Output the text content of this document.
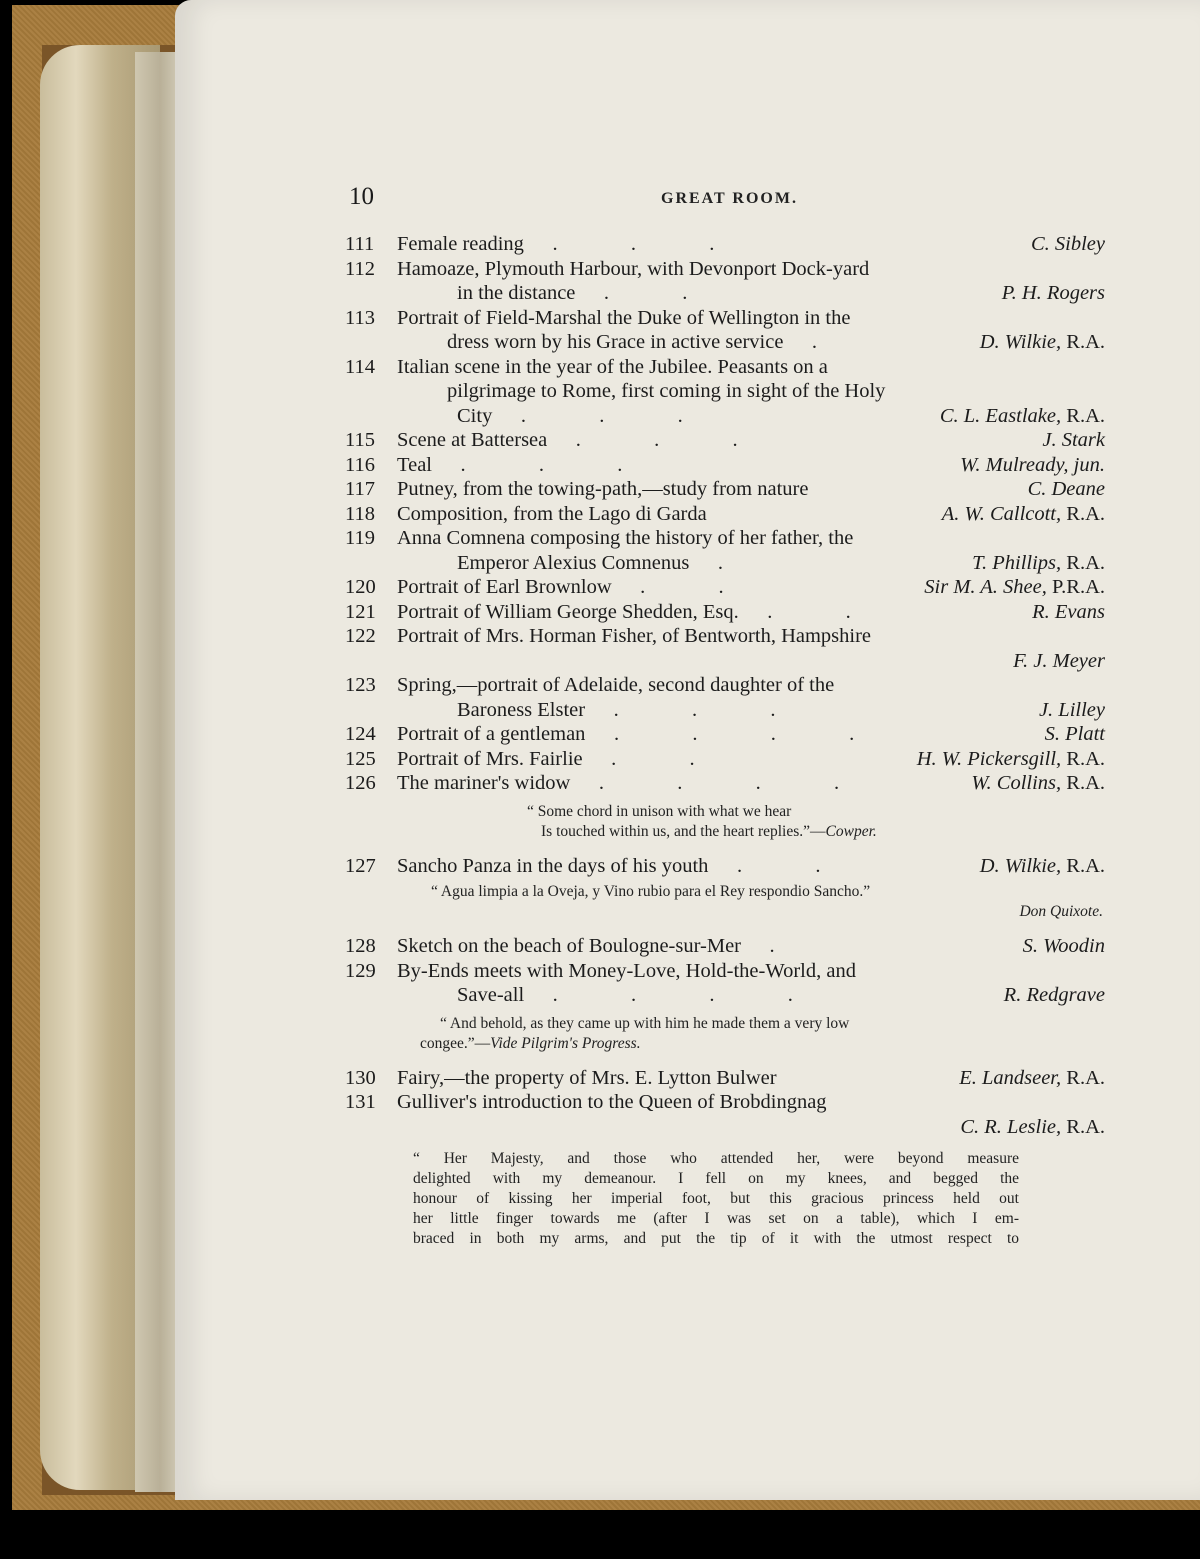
10	GREAT ROOM.
111 Female reading    .          .          .	C. Sibley
112 Hamoaze, Plymouth Harbour, with Devonport Dock-yard
in the distance    .          .	P. H. Rogers
113 Portrait of Field-Marshal the Duke of Wellington in the
dress worn by his Grace in active service    .	D. Wilkie, R.A.
114 Italian scene in the year of the Jubilee. Peasants on a
pilgrimage to Rome, first coming in sight of the Holy
City    .          .          .	C. L. Eastlake, R.A.
115 Scene at Battersea    .          .          .	J. Stark
116 Teal    .          .          .	W. Mulready, jun.
117 Putney, from the towing-path,—study from nature	C. Deane
118 Composition, from the Lago di Garda	A. W. Callcott, R.A.
119 Anna Comnena composing the history of her father, the
Emperor Alexius Comnenus    .	T. Phillips, R.A.
120 Portrait of Earl Brownlow    .          .	Sir M. A. Shee, P.R.A.
121 Portrait of William George Shedden, Esq.    .          .	R. Evans
122 Portrait of Mrs. Horman Fisher, of Bentworth, Hampshire
F. J. Meyer
123 Spring,—portrait of Adelaide, second daughter of the
Baroness Elster    .          .          .	J. Lilley
124 Portrait of a gentleman    .          .          .          .	S. Platt
125 Portrait of Mrs. Fairlie    .          .	H. W. Pickersgill, R.A.
126 The mariner's widow    .          .          .          .	W. Collins, R.A.
“ Some chord in unison with what we hear
Is touched within us, and the heart replies.”—Cowper.
127 Sancho Panza in the days of his youth    .          .	D. Wilkie, R.A.
“ Agua limpia a la Oveja, y Vino rubio para el Rey respondio Sancho.”
Don Quixote.
128 Sketch on the beach of Boulogne-sur-Mer    .	S. Woodin
129 By-Ends meets with Money-Love, Hold-the-World, and
Save-all    .          .          .          .	R. Redgrave
“ And behold, as they came up with him he made them a very low
congee.”—Vide Pilgrim's Progress.
130 Fairy,—the property of Mrs. E. Lytton Bulwer	E. Landseer, R.A.
131 Gulliver's introduction to the Queen of Brobdingnag
C. R. Leslie, R.A.
“ Her Majesty, and those who attended her, were beyond measure
delighted with my demeanour. I fell on my knees, and begged the
honour of kissing her imperial foot, but this gracious princess held out
her little finger towards me (after I was set on a table), which I em-
braced in both my arms, and put the tip of it with the utmost respect to
